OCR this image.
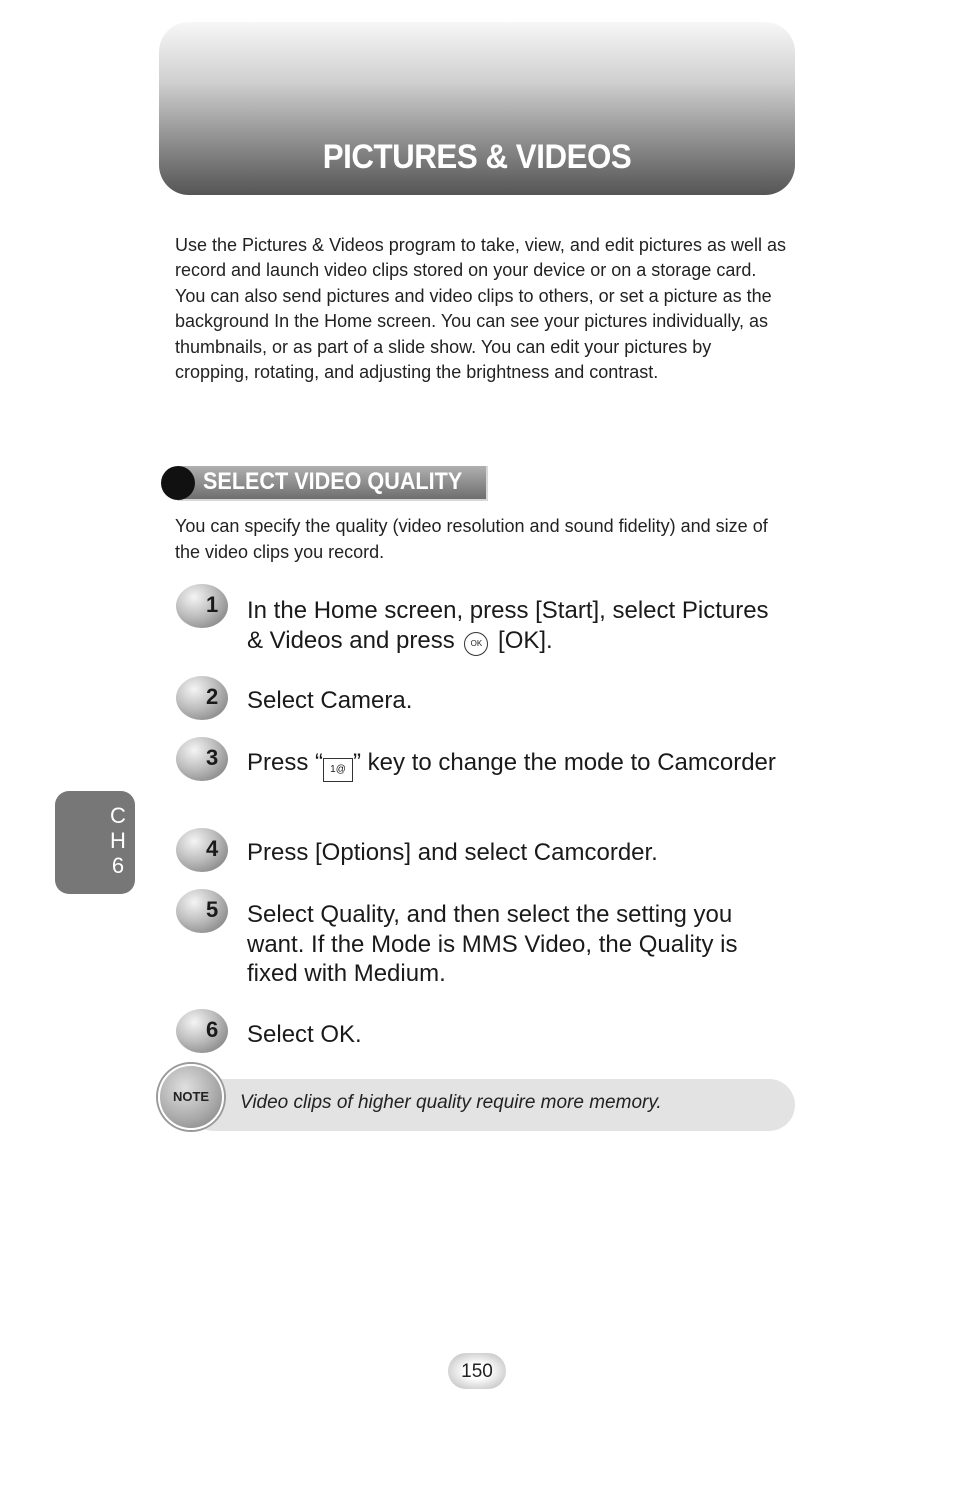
PICTURES & VIDEOS
Use the Pictures & Videos program to take, view, and edit pictures as well as record and launch video clips stored on your device or on a storage card. You can also send pictures and video clips to others, or set a picture as the background In the Home screen. You can see your pictures individually, as thumbnails, or as part of a slide show. You can edit your pictures by cropping, rotating, and adjusting the brightness and contrast.
SELECT VIDEO QUALITY
You can specify the quality (video resolution and sound fidelity) and size of the video clips you record.
1 In the Home screen, press [Start], select Pictures & Videos and press OK [OK].
2 Select Camera.
3 Press “ 1@ ” key to change the mode to Camcorder
4 Press [Options] and select Camcorder.
5 Select Quality, and then select the setting you want. If the Mode is MMS Video, the Quality is fixed with Medium.
6 Select OK.
NOTE	Video clips of higher quality require more memory.
C
H
6
150
